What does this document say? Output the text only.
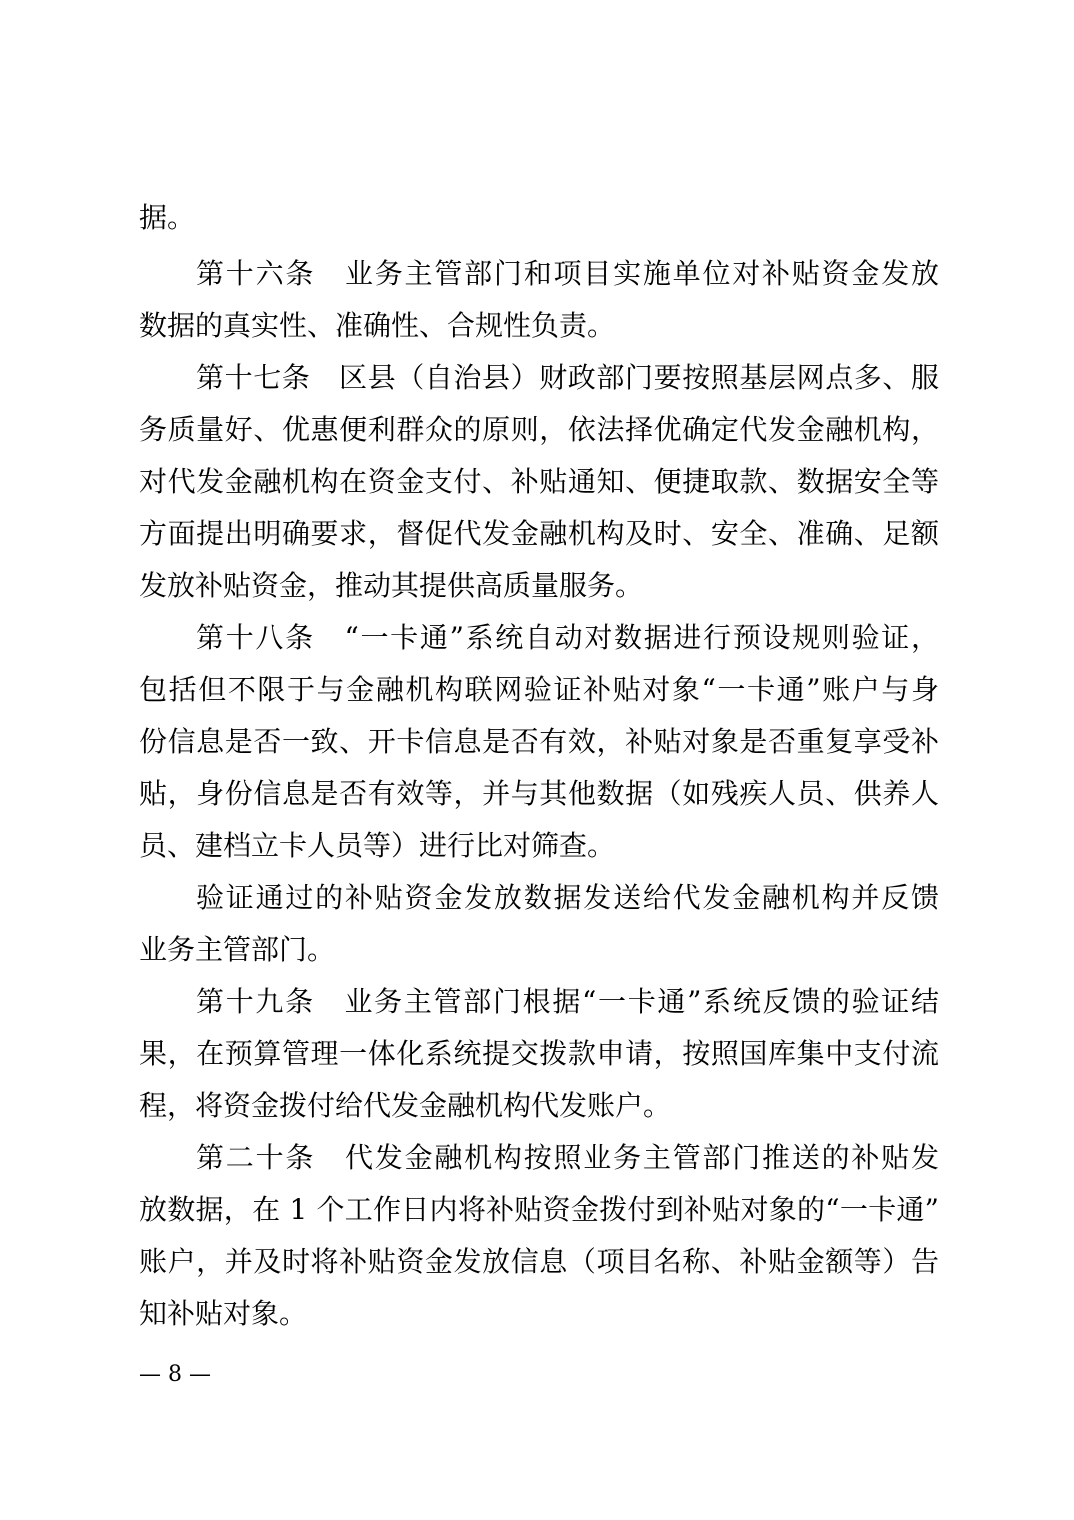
据。
第十六条　业务主管部门和项目实施单位对补贴资金发放
数据的真实性、准确性、合规性负责。
第十七条　区县（自治县）财政部门要按照基层网点多、服
务质量好、优惠便利群众的原则，依法择优确定代发金融机构，
对代发金融机构在资金支付、补贴通知、便捷取款、数据安全等
方面提出明确要求，督促代发金融机构及时、安全、准确、足额
发放补贴资金，推动其提供高质量服务。
第十八条　“一卡通”系统自动对数据进行预设规则验证，
包括但不限于与金融机构联网验证补贴对象“一卡通”账户与身
份信息是否一致、开卡信息是否有效，补贴对象是否重复享受补
贴，身份信息是否有效等，并与其他数据（如残疾人员、供养人
员、建档立卡人员等）进行比对筛查。
验证通过的补贴资金发放数据发送给代发金融机构并反馈
业务主管部门。
第十九条　业务主管部门根据“一卡通”系统反馈的验证结
果，在预算管理一体化系统提交拨款申请，按照国库集中支付流
程，将资金拨付给代发金融机构代发账户。
第二十条　代发金融机构按照业务主管部门推送的补贴发
放数据，在 1 个工作日内将补贴资金拨付到补贴对象的“一卡通”
账户，并及时将补贴资金发放信息（项目名称、补贴金额等）告
知补贴对象。
— 8 —
